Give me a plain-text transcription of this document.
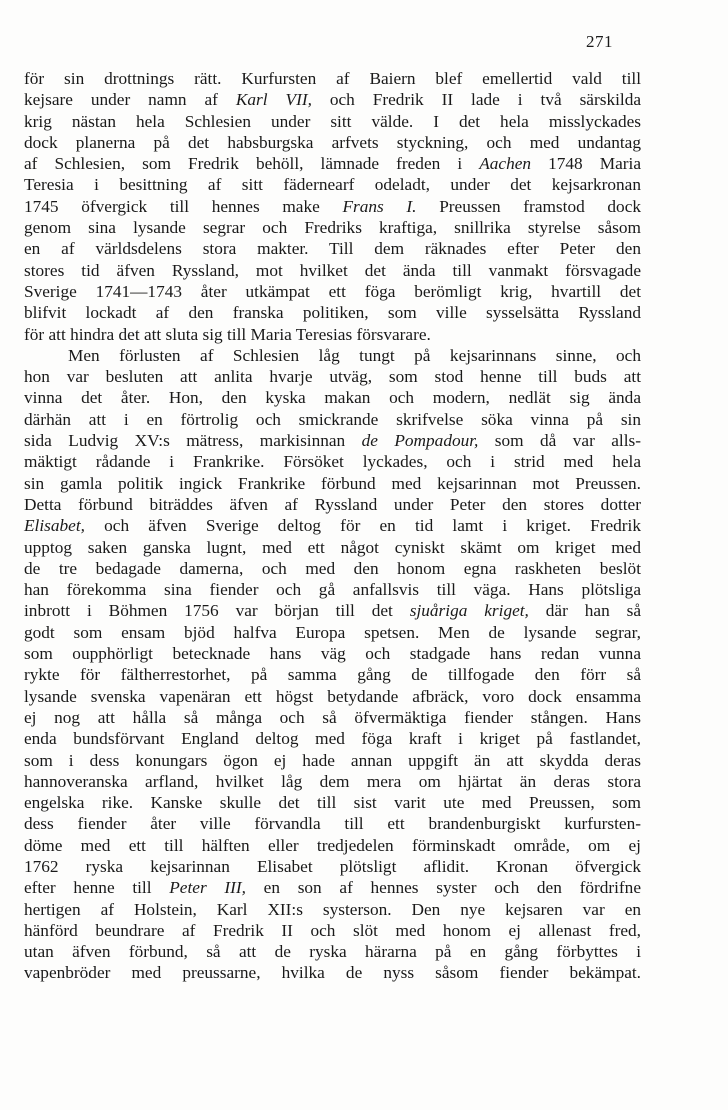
271
för sin drottnings rätt. Kurfursten af Baiern blef emellertid vald till
kejsare under namn af Karl VII, och Fredrik II lade i två särskilda
krig nästan hela Schlesien under sitt välde. I det hela misslyckades
dock planerna på det habsburgska arfvets styckning, och med undantag
af Schlesien, som Fredrik behöll, lämnade freden i Aachen 1748 Maria
Teresia i besittning af sitt fädernearf odeladt, under det kejsarkronan
1745 öfvergick till hennes make Frans I. Preussen framstod dock
genom sina lysande segrar och Fredriks kraftiga, snillrika styrelse såsom
en af världsdelens stora makter. Till dem räknades efter Peter den
stores tid äfven Ryssland, mot hvilket det ända till vanmakt försvagade
Sverige 1741—1743 åter utkämpat ett föga berömligt krig, hvartill det
blifvit lockadt af den franska politiken, som ville sysselsätta Ryssland
för att hindra det att sluta sig till Maria Teresias försvarare.
Men förlusten af Schlesien låg tungt på kejsarinnans sinne, och
hon var besluten att anlita hvarje utväg, som stod henne till buds att
vinna det åter. Hon, den kyska makan och modern, nedlät sig ända
därhän att i en förtrolig och smickrande skrifvelse söka vinna på sin
sida Ludvig XV:s mätress, markisinnan de Pompadour, som då var alls-
mäktigt rådande i Frankrike. Försöket lyckades, och i strid med hela
sin gamla politik ingick Frankrike förbund med kejsarinnan mot Preussen.
Detta förbund biträddes äfven af Ryssland under Peter den stores dotter
Elisabet, och äfven Sverige deltog för en tid lamt i kriget. Fredrik
upptog saken ganska lugnt, med ett något cyniskt skämt om kriget med
de tre bedagade damerna, och med den honom egna raskheten beslöt
han förekomma sina fiender och gå anfallsvis till väga. Hans plötsliga
inbrott i Böhmen 1756 var början till det sjuåriga kriget, där han så
godt som ensam bjöd halfva Europa spetsen. Men de lysande segrar,
som oupphörligt betecknade hans väg och stadgade hans redan vunna
rykte för fältherrestorhet, på samma gång de tillfogade den förr så
lysande svenska vapenäran ett högst betydande afbräck, voro dock ensamma
ej nog att hålla så många och så öfvermäktiga fiender stången. Hans
enda bundsförvant England deltog med föga kraft i kriget på fastlandet,
som i dess konungars ögon ej hade annan uppgift än att skydda deras
hannoveranska arfland, hvilket låg dem mera om hjärtat än deras stora
engelska rike. Kanske skulle det till sist varit ute med Preussen, som
dess fiender åter ville förvandla till ett brandenburgiskt kurfursten-
döme med ett till hälften eller tredjedelen förminskadt område, om ej
1762 ryska kejsarinnan Elisabet plötsligt aflidit. Kronan öfvergick
efter henne till Peter III, en son af hennes syster och den fördrifne
hertigen af Holstein, Karl XII:s systerson. Den nye kejsaren var en
hänförd beundrare af Fredrik II och slöt med honom ej allenast fred,
utan äfven förbund, så att de ryska härarna på en gång förbyttes i
vapenbröder med preussarne, hvilka de nyss såsom fiender bekämpat.
